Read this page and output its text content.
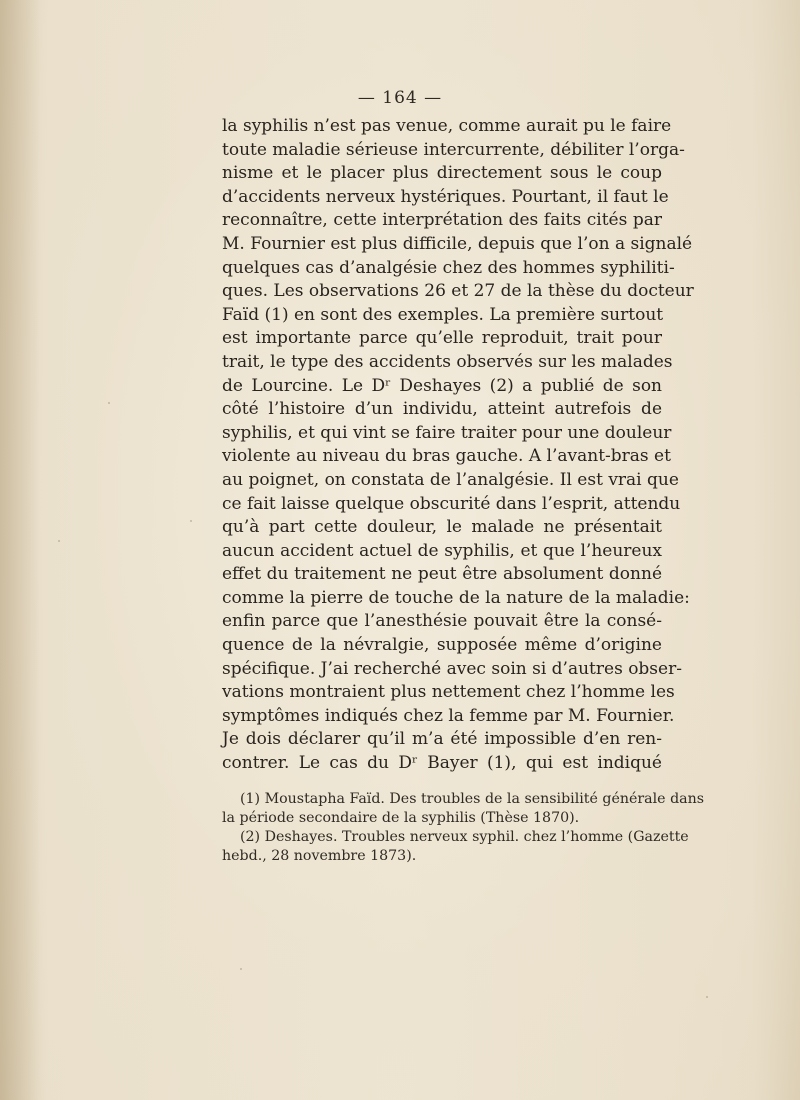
— 164 —
la syphilis n’est pas venue, comme aurait pu le faire
toute maladie sérieuse intercurrente, débiliter l’orga-
nisme et le placer plus directement sous le coup
d’accidents nerveux hystériques. Pourtant, il faut le
reconnaître, cette interprétation des faits cités par
M. Fournier est plus difficile, depuis que l’on a signalé
quelques cas d’analgésie chez des hommes syphiliti-
ques. Les observations 26 et 27 de la thèse du docteur
Faïd (1) en sont des exemples. La première surtout
est importante parce qu’elle reproduit, trait pour
trait, le type des accidents observés sur les malades
de Lourcine. Le Dʳ Deshayes (2) a publié de son
côté l’histoire d’un individu, atteint autrefois de
syphilis, et qui vint se faire traiter pour une douleur
violente au niveau du bras gauche. A l’avant-bras et
au poignet, on constata de l’analgésie. Il est vrai que
ce fait laisse quelque obscurité dans l’esprit, attendu
qu’à part cette douleur, le malade ne présentait
aucun accident actuel de syphilis, et que l’heureux
effet du traitement ne peut être absolument donné
comme la pierre de touche de la nature de la maladie:
enfin parce que l’anesthésie pouvait être la consé-
quence de la névralgie, supposée même d’origine
spécifique. J’ai recherché avec soin si d’autres obser-
vations montraient plus nettement chez l’homme les
symptômes indiqués chez la femme par M. Fournier.
Je dois déclarer qu’il m’a été impossible d’en ren-
contrer. Le cas du Dʳ Bayer (1), qui est indiqué
(1) Moustapha Faïd. Des troubles de la sensibilité générale dans
la période secondaire de la syphilis (Thèse 1870).
(2) Deshayes. Troubles nerveux syphil. chez l’homme (Gazette
hebd., 28 novembre 1873).
